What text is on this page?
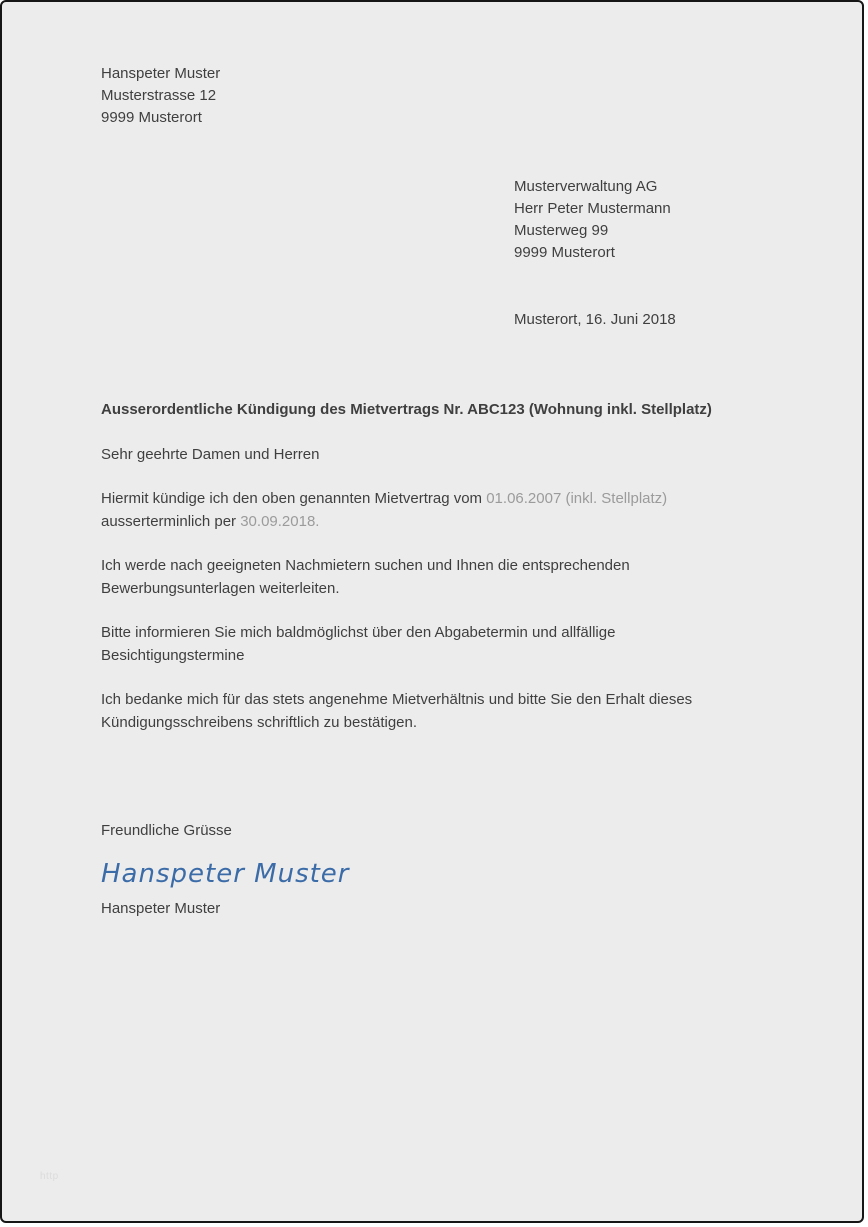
Hanspeter Muster
Musterstrasse 12
9999 Musterort
Musterverwaltung AG
Herr Peter Mustermann
Musterweg 99
9999 Musterort
Musterort, 16. Juni 2018
Ausserordentliche Kündigung des Mietvertrags Nr. ABC123 (Wohnung inkl. Stellplatz)
Sehr geehrte Damen und Herren

Hiermit kündige ich den oben genannten Mietvertrag vom 01.06.2007 (inkl. Stellplatz) ausserterminlich per 30.09.2018.

Ich werde nach geeigneten Nachmietern suchen und Ihnen die entsprechenden Bewerbungsunterlagen weiterleiten.

Bitte informieren Sie mich baldmöglichst über den Abgabetermin und allfällige Besichtigungstermine

Ich bedanke mich für das stets angenehme Mietverhältnis und bitte Sie den Erhalt dieses Kündigungsschreibens schriftlich zu bestätigen.

Freundliche Grüsse
Hanspeter Muster
Hanspeter Muster
http
